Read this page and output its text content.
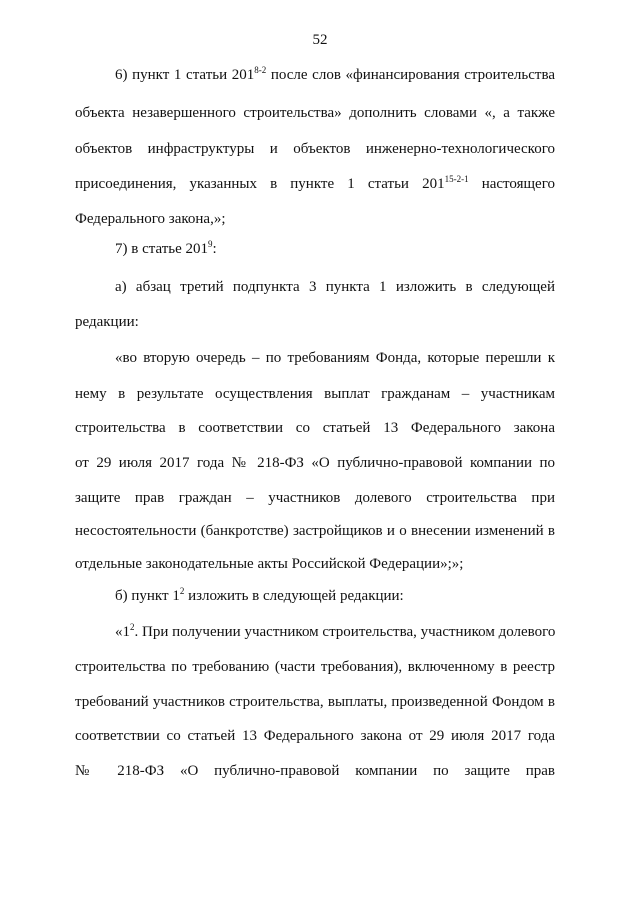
52
6) пункт 1 статьи 201$^{8-2}$ после слов «финансирования строительства
объекта незавершенного строительства» дополнить словами «, а также
объектов инфраструктуры и объектов инженерно-технологического
присоединения, указанных в пункте 1 статьи 201$^{15-2-1}$ настоящего
Федерального закона,»;
7) в статье $201^9$:
а) абзац третий подпункта 3 пункта 1 изложить в следующей
редакции:
«во вторую очередь – по требованиям Фонда, которые перешли к
нему в результате осуществления выплат гражданам – участникам
строительства в соответствии со статьей 13 Федерального закона
от 29 июля 2017 года № 218-ФЗ «О публично-правовой компании по
защите прав граждан – участников долевого строительства при
несостоятельности (банкротстве) застройщиков и о внесении изменений в
отдельные законодательные акты Российской Федерации»;»;
б) пункт $1^2$ изложить в следующей редакции:
«$1^2$. При получении участником строительства, участником долевого
строительства по требованию (части требования), включенному в реестр
требований участников строительства, выплаты, произведенной Фондом в
соответствии со статьей 13 Федерального закона от 29 июля 2017 года
№ 218-ФЗ «О публично-правовой компании по защите прав
